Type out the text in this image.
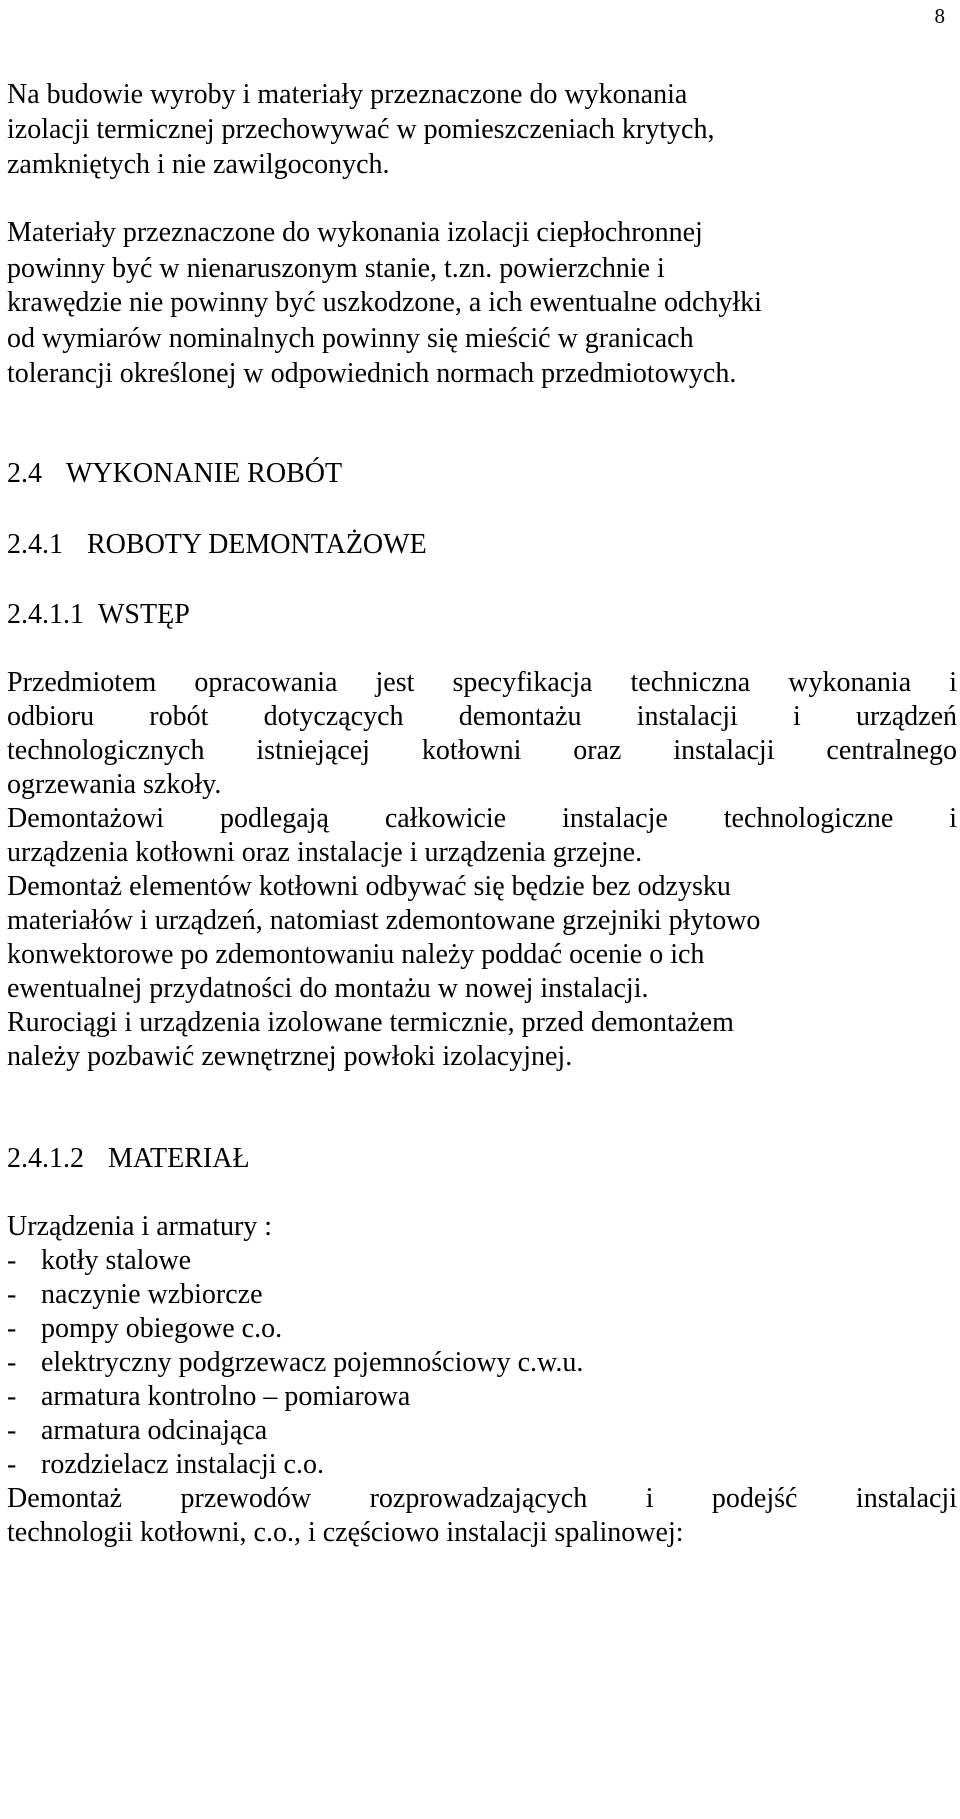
8

Na budowie wyroby i materiały przeznaczone do wykonania

izolacji termicznej przechowywać w pomieszczeniach krytych,

zamkniętych i nie zawilgoconych.

Materiały przeznaczone do wykonania izolacji ciepłochronnej

powinny być w nienaruszonym stanie, t.zn. powierzchnie i

krawędzie nie powinny być uszkodzone, a ich ewentualne odchyłki

od wymiarów nominalnych powinny się mieścić w granicach

tolerancji określonej w odpowiednich normach przedmiotowych.

2.4 WYKONANIE ROBÓT

2.4.1 ROBOTY DEMONTAŻOWE

2.4.1.1 WSTĘP

Przedmiotem opracowania jest specyfikacja techniczna wykonania i

odbioru robót dotyczących demontażu instalacji i urządzeń

technologicznych istniejącej kotłowni oraz instalacji centralnego

ogrzewania szkoły.

Demontażowi podlegają całkowicie instalacje technologiczne i

urządzenia kotłowni oraz instalacje i urządzenia grzejne.

Demontaż elementów kotłowni odbywać się będzie bez odzysku

materiałów i urządzeń, natomiast zdemontowane grzejniki płytowo

konwektorowe po zdemontowaniu należy poddać ocenie o ich

ewentualnej przydatności do montażu w nowej instalacji.

Rurociągi i urządzenia izolowane termicznie, przed demontażem

należy pozbawić zewnętrznej powłoki izolacyjnej.

2.4.1.2 MATERIAŁ

Urządzenia i armatury :

- kotły stalowe

- naczynie wzbiorcze

- pompy obiegowe c.o.

- elektryczny podgrzewacz pojemnościowy c.w.u.

- armatura kontrolno – pomiarowa

- armatura odcinająca

- rozdzielacz instalacji c.o.

Demontaż przewodów rozprowadzających i podejść instalacji

technologii kotłowni, c.o., i częściowo instalacji spalinowej:
